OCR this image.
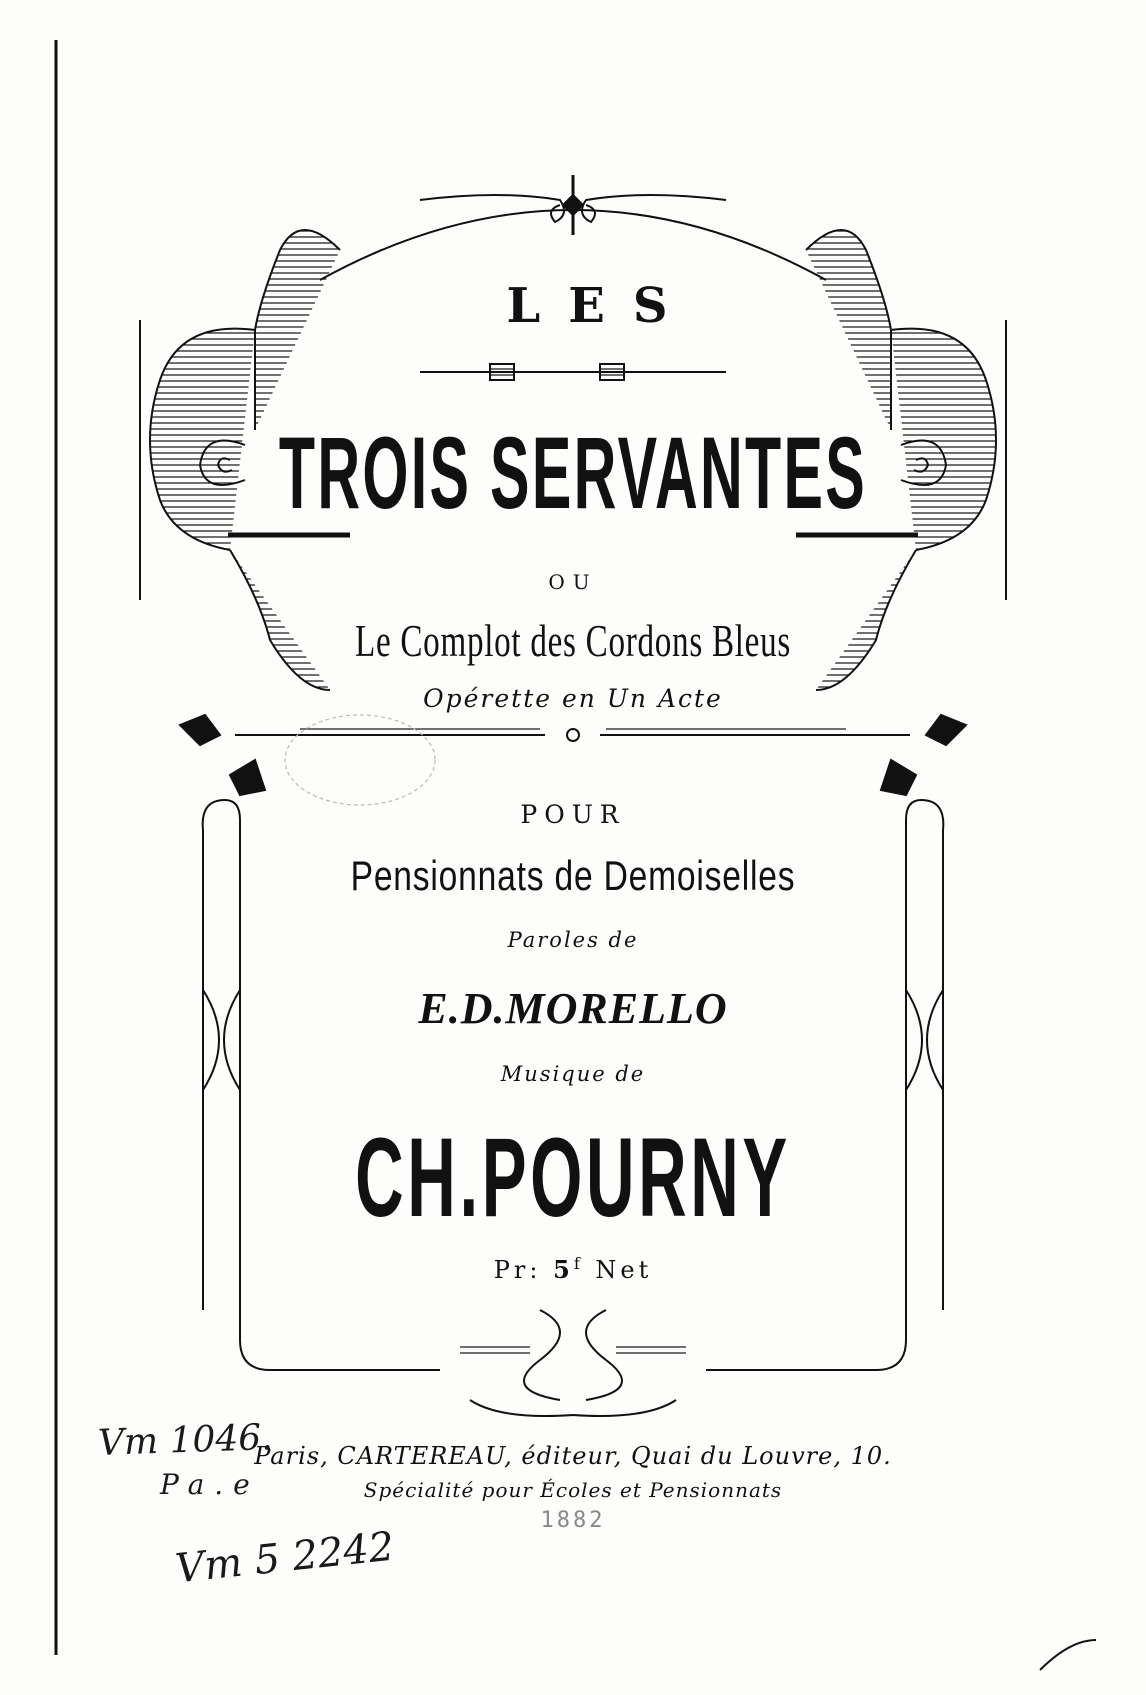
LES
TROIS SERVANTES
OU
Le Complot des Cordons Bleus
Opérette en Un Acte
POUR
Pensionnats de Demoiselles
Paroles de
E.D.MORELLO
Musique de
CH.POURNY
Pr: 5$^f$ Net
Paris, CARTEREAU, éditeur, Quai du Louvre, 10.
Spécialité pour Écoles et Pensionnats
1882
Vm 1046.
Pa.e
Vm 5 2242
